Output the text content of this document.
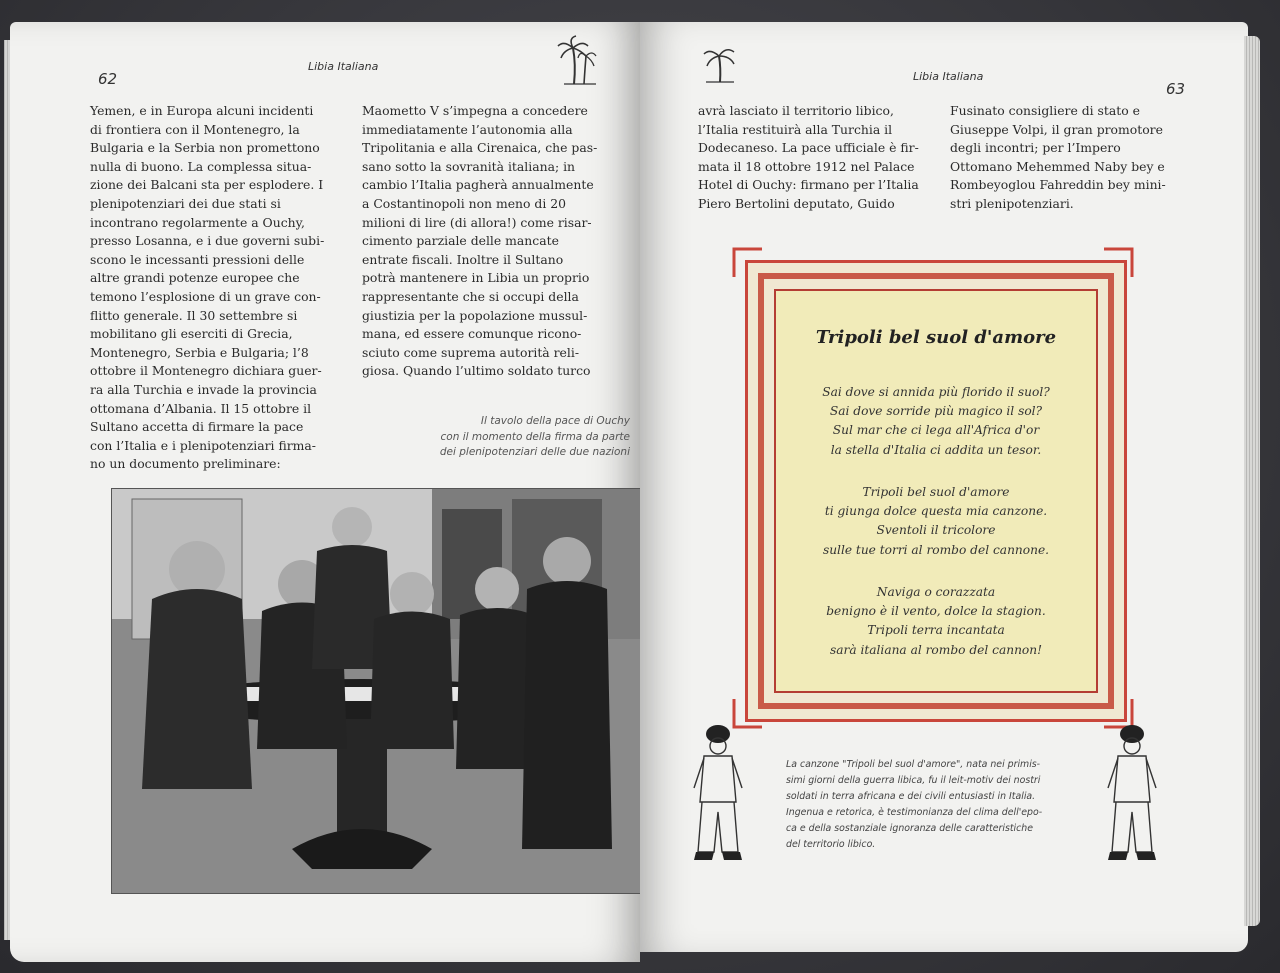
62
Libia Italiana

Yemen, e in Europa alcuni incidenti

di frontiera con il Montenegro, la

Bulgaria e la Serbia non promettono

nulla di buono. La complessa situa-

zione dei Balcani sta per esplodere. I

plenipotenziari dei due stati si

incontrano regolarmente a Ouchy,

presso Losanna, e i due governi subi-

scono le incessanti pressioni delle

altre grandi potenze europee che

temono l’esplosione di un grave con-

flitto generale. Il 30 settembre si

mobilitano gli eserciti di Grecia,

Montenegro, Serbia e Bulgaria; l’8

ottobre il Montenegro dichiara guer-

ra alla Turchia e invade la provincia

ottomana d’Albania. Il 15 ottobre il

Sultano accetta di firmare la pace

con l’Italia e i plenipotenziari firma-

no un documento preliminare:

Maometto V s’impegna a concedere

immediatamente l’autonomia alla

Tripolitania e alla Cirenaica, che pas-

sano sotto la sovranità italiana; in

cambio l’Italia pagherà annualmente

a Costantinopoli non meno di 20

milioni di lire (di allora!) come risar-

cimento parziale delle mancate

entrate fiscali. Inoltre il Sultano

potrà mantenere in Libia un proprio

rappresentante che si occupi della

giustizia per la popolazione mussul-

mana, ed essere comunque ricono-

sciuto come suprema autorità reli-

giosa. Quando l’ultimo soldato turco

Il tavolo della pace di Ouchy
con il momento della firma da parte
dei plenipotenziari delle due nazioni
Libia Italiana
63

avrà lasciato il territorio libico,

l’Italia restituirà alla Turchia il

Dodecaneso. La pace ufficiale è fir-

mata il 18 ottobre 1912 nel Palace

Hotel di Ouchy: firmano per l’Italia

Piero Bertolini deputato, Guido

Fusinato consigliere di stato e

Giuseppe Volpi, il gran promotore

degli incontri; per l’Impero

Ottomano Mehemmed Naby bey e

Rombeyoglou Fahreddin bey mini-

stri plenipotenziari.

Tripoli bel suol d'amore
Sai dove si annida più florido il suol?
Sai dove sorride più magico il sol?
Sul mar che ci lega all'Africa d'or
la stella d'Italia ci addita un tesor.
Tripoli bel suol d'amore
ti giunga dolce questa mia canzone.
Sventoli il tricolore
sulle tue torri al rombo del cannone.
Naviga o corazzata
benigno è il vento, dolce la stagion.
Tripoli terra incantata
sarà italiana al rombo del cannon!
La canzone "Tripoli bel suol d'amore", nata nei primis-
simi giorni della guerra libica, fu il leit-motiv dei nostri
soldati in terra africana e dei civili entusiasti in Italia.
Ingenua e retorica, è testimonianza del clima dell'epo-
ca e della sostanziale ignoranza delle caratteristiche
del territorio libico.
